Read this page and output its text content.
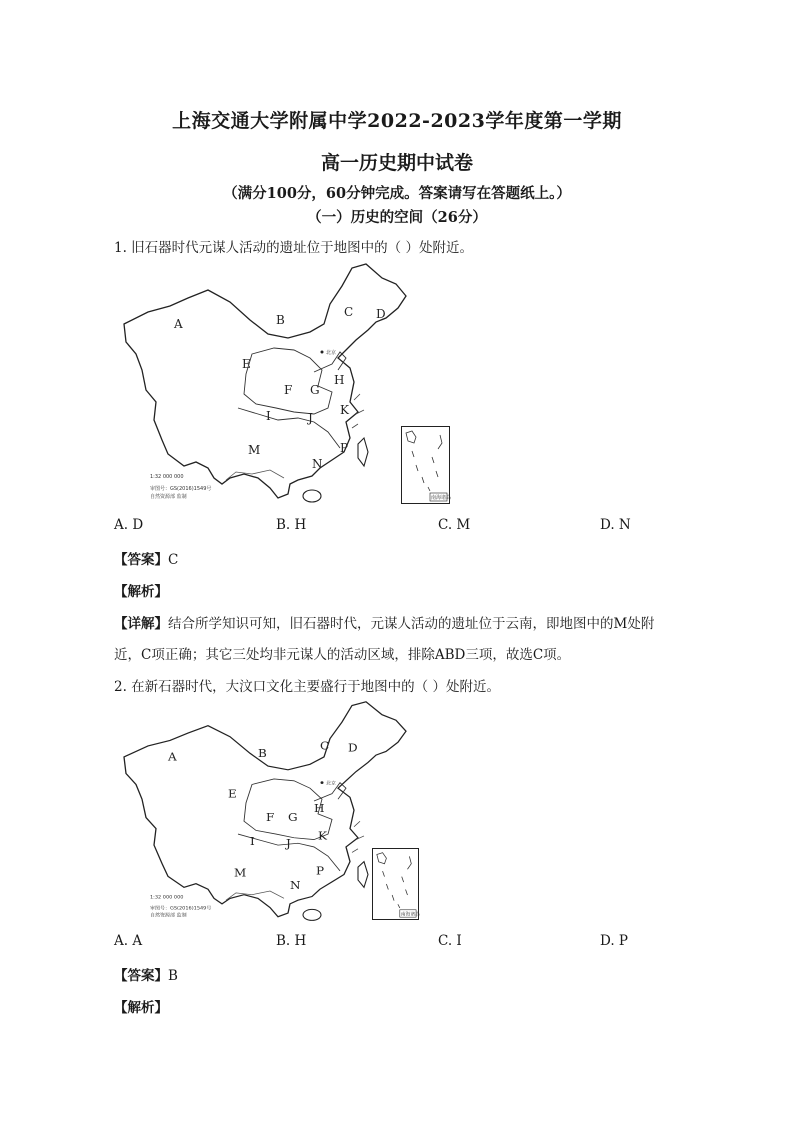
上海交通大学附属中学2022-2023学年度第一学期
高一历史期中试卷
（满分100分，60分钟完成。答案请写在答题纸上。）
（一）历史的空间（26分）
1. 旧石器时代元谋人活动的遗址位于地图中的（ ）处附近。
北京
A	B
C D
E
F G
H
I	J
K
M
N
P
1:32 000 000
审图号：GS(2016)1549号
自然资源部 监制	南海诸岛
A. D	B. H	C. M	D. N
【答案】C
【解析】
【详解】结合所学知识可知，旧石器时代，元谋人活动的遗址位于云南，即地图中的M处附
近，C项正确；其它三处均非元谋人的活动区域，排除ABD三项，故选C项。
2. 在新石器时代，大汶口文化主要盛行于地图中的（ ）处附近。
北京
A	B
C D
E
F G
H
I	J
K
M
N
P
1:32 000 000
审图号：GS(2016)1549号
自然资源部 监制	南海诸岛
A. A	B. H	C. I	D. P
【答案】B
【解析】
